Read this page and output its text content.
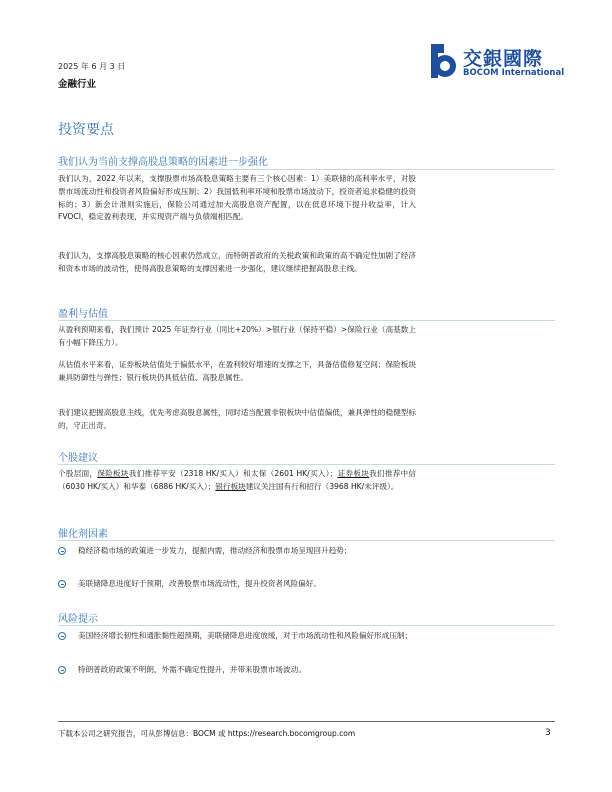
2025 年 6 月 3 日
金融行业
交銀國際
BOCOM International
投资要点
我们认为当前支撑高股息策略的因素进一步强化
我们认为，2022 年以来，支撑股票市场高股息策略主要有三个核心因素：1）美联储的高利率水平，对股票市场流动性和投资者风险偏好形成压制；2）我国低利率环境和股票市场波动下，投资者追求稳健的投资标的；3）新会计准则实施后，保险公司通过加大高股息资产配置，以在低息环境下提升收益率，计入 FVOCI，稳定盈利表现，并实现资产端与负债端相匹配。
我们认为，支撑高股息策略的核心因素仍然成立，而特朗普政府的关税政策和政策的高不确定性加剧了经济和资本市场的波动性，使得高股息策略的支撑因素进一步强化，建议继续把握高股息主线。
盈利与估值
从盈利预期来看，我们预计 2025 年证券行业（同比+20%）>银行业（保持平稳）>保险行业（高基数上有小幅下降压力）。
从估值水平来看，证券板块估值处于偏低水平，在盈利较好增速的支撑之下，具备估值修复空间；保险板块兼具防御性与弹性；银行板块仍具低估值、高股息属性。
我们建议把握高股息主线，优先考虑高股息属性，同时适当配置非银板块中估值偏低，兼具弹性的稳健型标的，守正出奇。
个股建议
个股层面，保险板块我们推荐平安（2318 HK/买入）和太保（2601 HK/买入）；证券板块我们推荐中信（6030 HK/买入）和华泰（6886 HK/买入）；银行板块建议关注国有行和招行（3968 HK/未评级）。
催化剂因素
稳经济稳市场的政策进一步发力，提振内需，推动经济和股票市场呈现回升趋势；
美联储降息进度好于预期，改善股票市场流动性，提升投资者风险偏好。
风险提示
美国经济增长韧性和通胀黏性超预期，美联储降息进度放缓，对于市场流动性和风险偏好形成压制；
特朗普政府政策不明朗，外需不确定性提升，并带来股票市场波动。
下载本公司之研究报告，可从彭博信息：BOCM 或 https://research.bocomgroup.com	3
